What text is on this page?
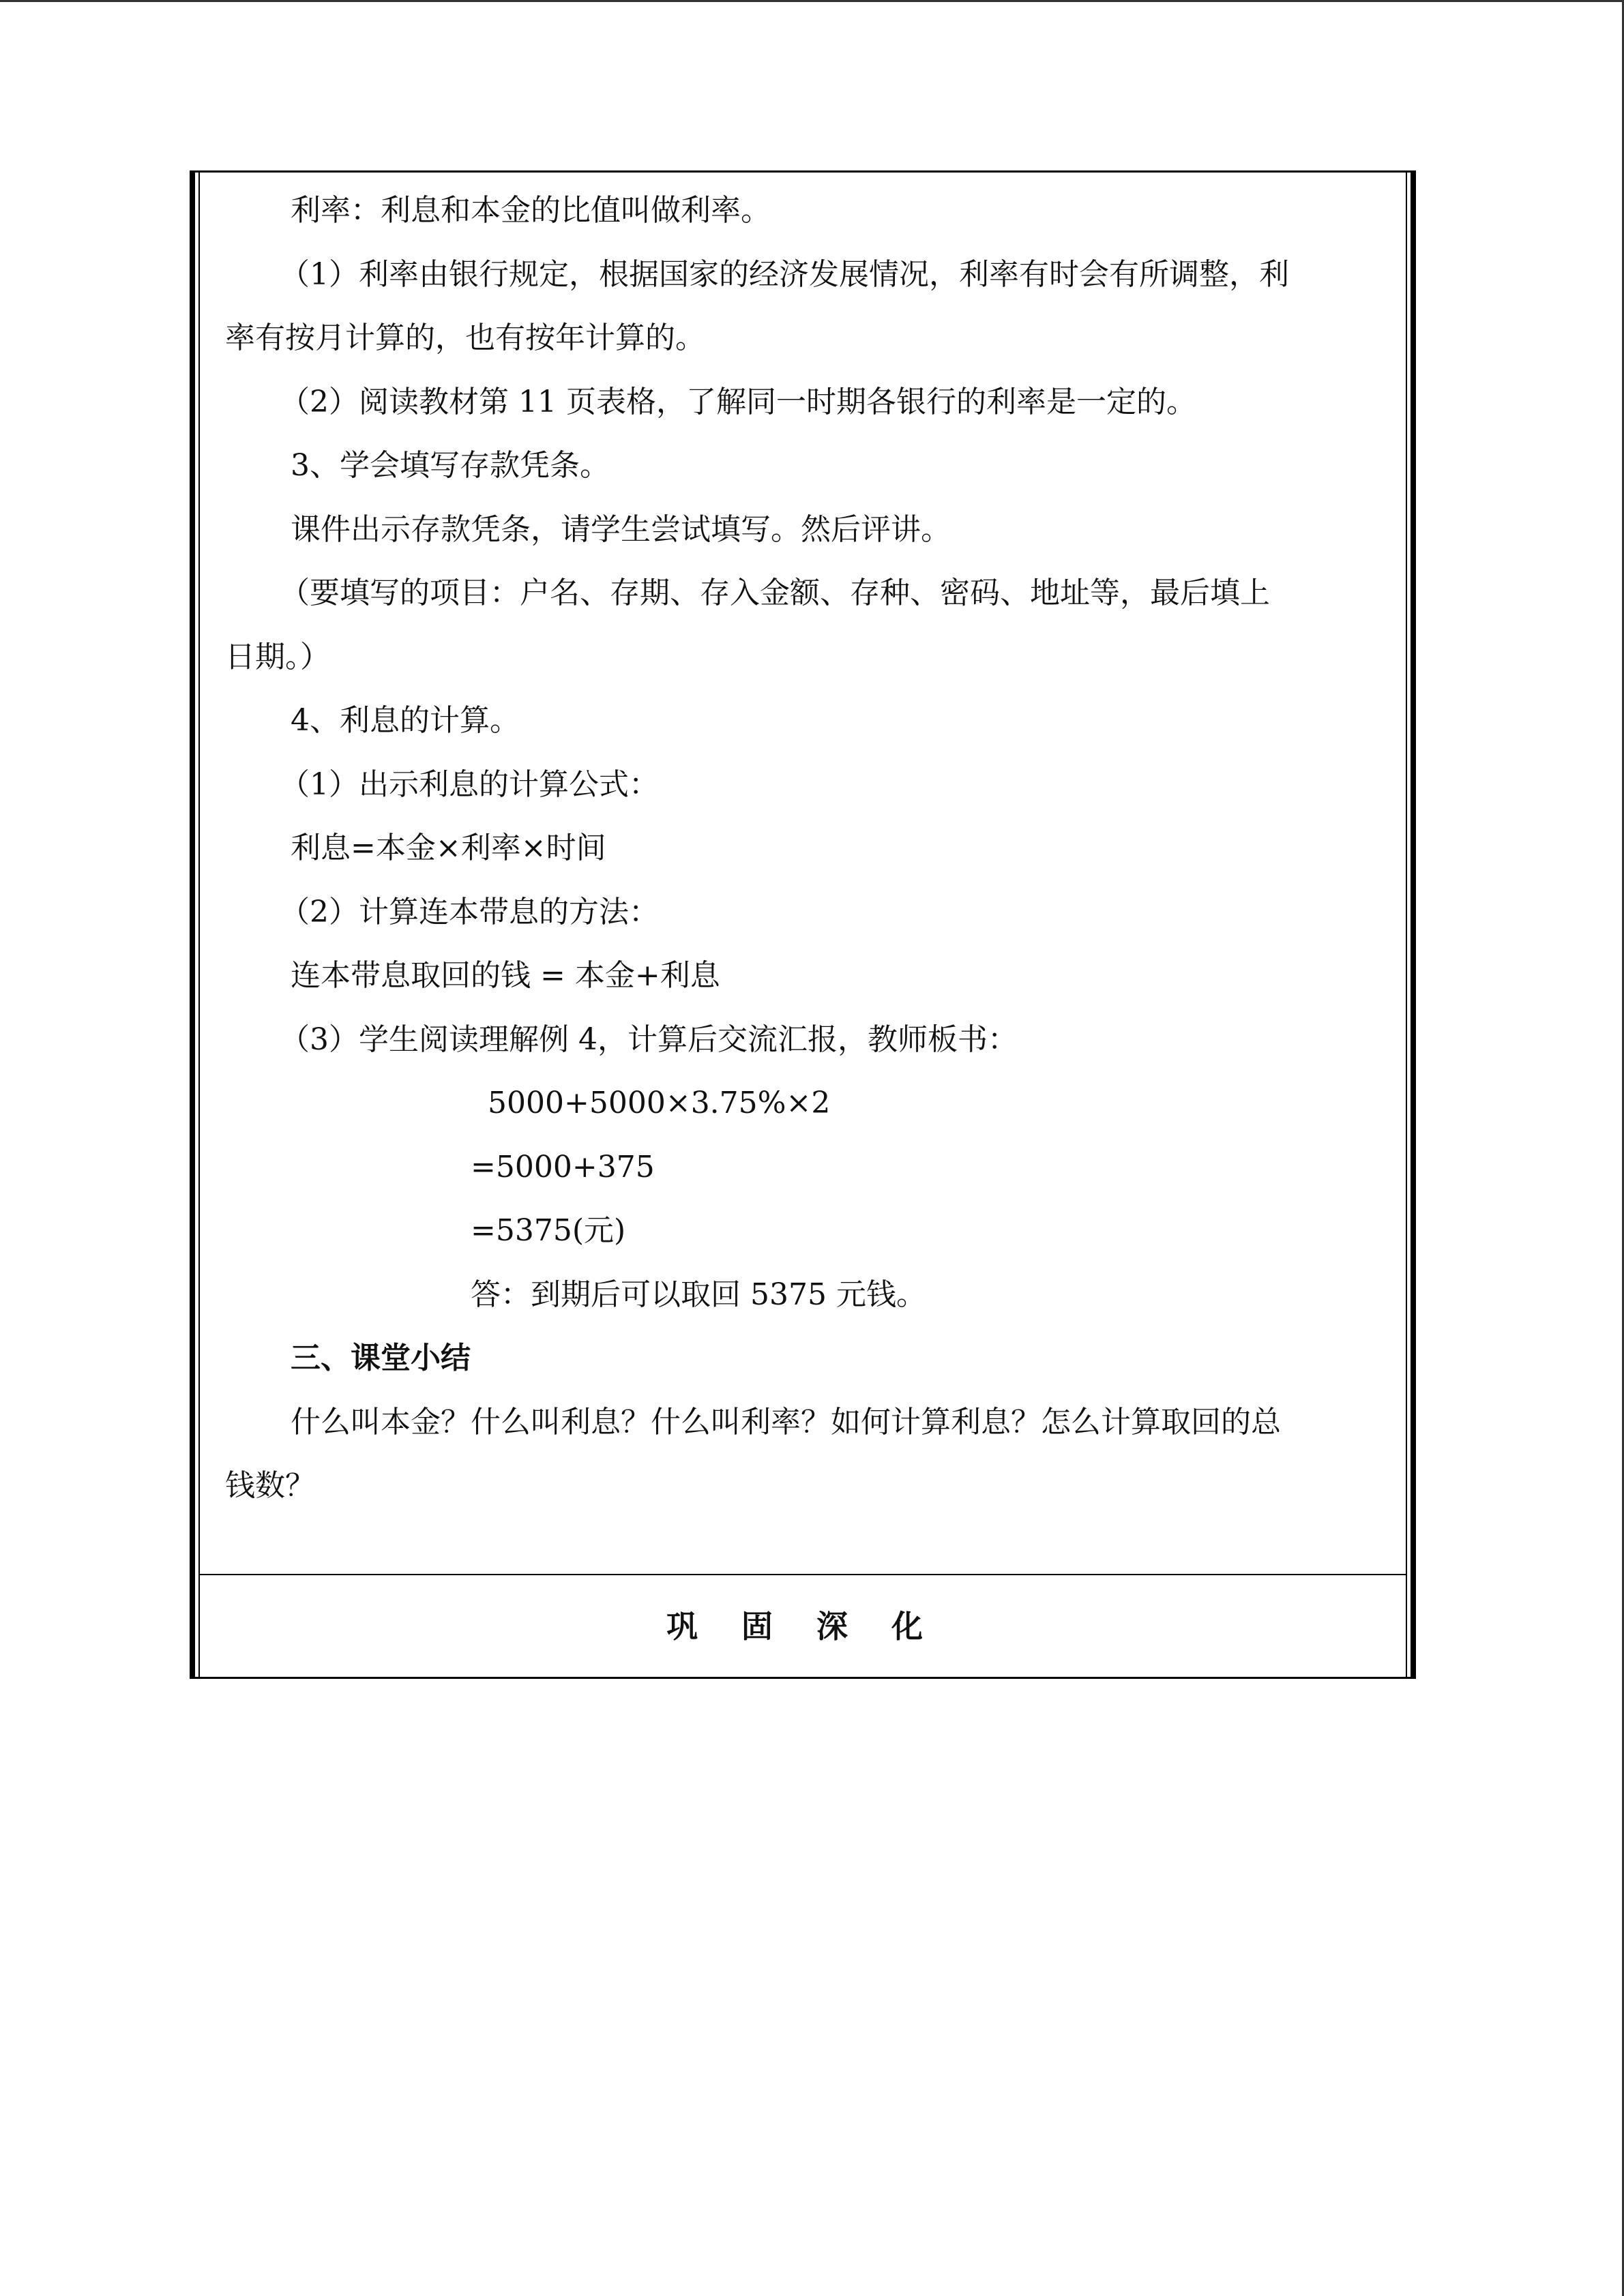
利率：利息和本金的比值叫做利率。
（1）利率由银行规定，根据国家的经济发展情况，利率有时会有所调整，利
率有按月计算的，也有按年计算的。
（2）阅读教材第 11 页表格，了解同一时期各银行的利率是一定的。
3、学会填写存款凭条。
课件出示存款凭条，请学生尝试填写。然后评讲。
（要填写的项目：户名、存期、存入金额、存种、密码、地址等，最后填上
日期。）
4、利息的计算。
（1）出示利息的计算公式：
利息=本金×利率×时间
（2）计算连本带息的方法：
连本带息取回的钱 = 本金+利息
（3）学生阅读理解例 4，计算后交流汇报，教师板书：
5000+5000×3.75%×2
=5000+375
=5375(元)
答：到期后可以取回 5375 元钱。
三、课堂小结
什么叫本金？什么叫利息？什么叫利率？如何计算利息？怎么计算取回的总
钱数？
巩 固 深 化
